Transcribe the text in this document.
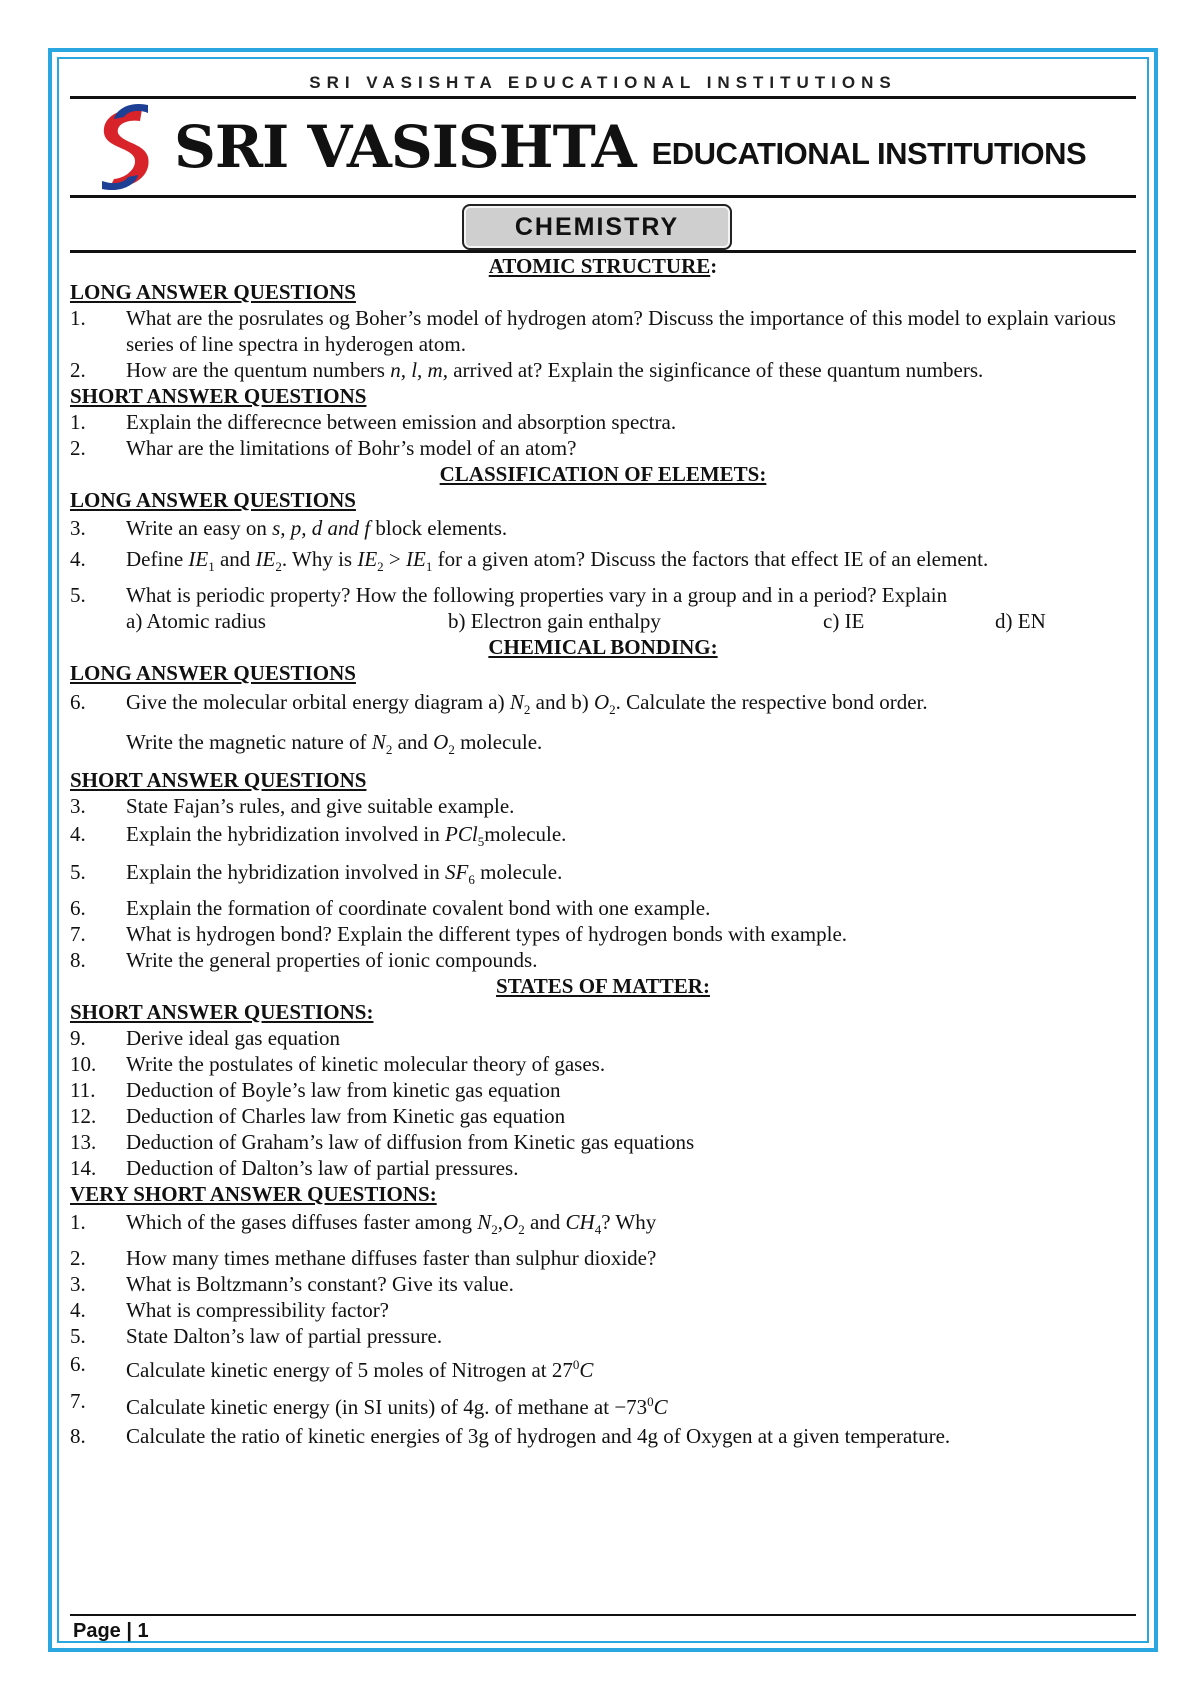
SRI VASISHTA EDUCATIONAL INSTITUTIONS
SRI VASISHTA EDUCATIONAL INSTITUTIONS
CHEMISTRY
ATOMIC STRUCTURE:
LONG ANSWER QUESTIONS
1.	What are the posrulates og Boher’s model of hydrogen atom? Discuss the importance of this model to explain various series of line spectra in hyderogen atom.
2.	How are the quentum numbers n, l, m, arrived at? Explain the siginficance of these quantum numbers.
SHORT ANSWER QUESTIONS
1.	Explain the differecnce between emission and absorption spectra.
2.	Whar are the limitations of Bohr’s model of an atom?
CLASSIFICATION OF ELEMETS:
LONG ANSWER QUESTIONS
3.	Write an easy on s, p, d and f block elements.
4.	Define $IE_1$ and $IE_2$. Why is $IE_2 > IE_1$ for a given atom? Discuss the factors that effect IE of an element.
5.	What is periodic property? How the following properties vary in a group and in a period? Explain
a) Atomic radius	b) Electron gain enthalpy	c) IE	d) EN
CHEMICAL BONDING:
LONG ANSWER QUESTIONS
6.	Give the molecular orbital energy diagram a) $N_2$ and b) $O_2$. Calculate the respective bond order.
Write the magnetic nature of $N_2$ and $O_2$ molecule.
SHORT ANSWER QUESTIONS
3.	State Fajan’s rules, and give suitable example.
4.	Explain the hybridization involved in PCl$_5$molecule.
5.	Explain the hybridization involved in $SF_6$ molecule.
6.	Explain the formation of coordinate covalent bond with one example.
7.	What is hydrogen bond? Explain the different types of hydrogen bonds with example.
8.	Write the general properties of ionic compounds.
STATES OF MATTER:
SHORT ANSWER QUESTIONS:
9.	Derive ideal gas equation
10.	Write the postulates of kinetic molecular theory of gases.
11.	Deduction of Boyle’s law from kinetic gas equation
12.	Deduction of Charles law from Kinetic gas equation
13.	Deduction of Graham’s law of diffusion from Kinetic gas equations
14.	Deduction of Dalton’s law of partial pressures.
VERY SHORT ANSWER QUESTIONS:
1.	Which of the gases diffuses faster among $N_2,O_2$ and $CH_4$? Why
2.	How many times methane diffuses faster than sulphur dioxide?
3.	What is Boltzmann’s constant? Give its value.
4.	What is compressibility factor?
5.	State Dalton’s law of partial pressure.
6.	Calculate kinetic energy of 5 moles of Nitrogen at $27^0C$
7.	Calculate kinetic energy (in SI units) of 4g. of methane at $-73^0C$
8.	Calculate the ratio of kinetic energies of 3g of hydrogen and 4g of Oxygen at a given temperature.
Page | 1
